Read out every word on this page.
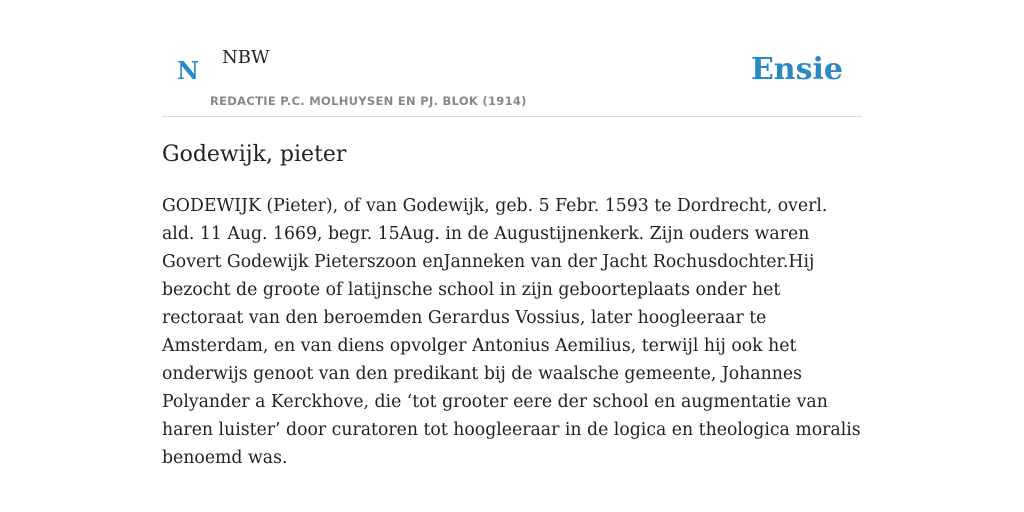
N NBW
REDACTIE P.C. MOLHUYSEN EN PJ. BLOK (1914)
Ensie
Godewijk, pieter

GODEWIJK (Pieter), of van Godewijk, geb. 5 Febr. 1593 te Dordrecht, overl. ald. 11 Aug. 1669, begr. 15Aug. in de Augustijnenkerk. Zijn ouders waren Govert Godewijk Pieterszoon enJanneken van der Jacht Rochusdochter.Hij bezocht de groote of latijnsche school in zijn geboorteplaats onder het rectoraat van den beroemden Gerardus Vossius, later hoogleeraar te Amsterdam, en van diens opvolger Antonius Aemilius, terwijl hij ook het onderwijs genoot van den predikant bij de waalsche gemeente, Johannes Polyander a Kerckhove, die ‘tot grooter eere der school en augmentatie van haren luister’ door curatoren tot hoogleeraar in de logica en theologica moralis benoemd was.
